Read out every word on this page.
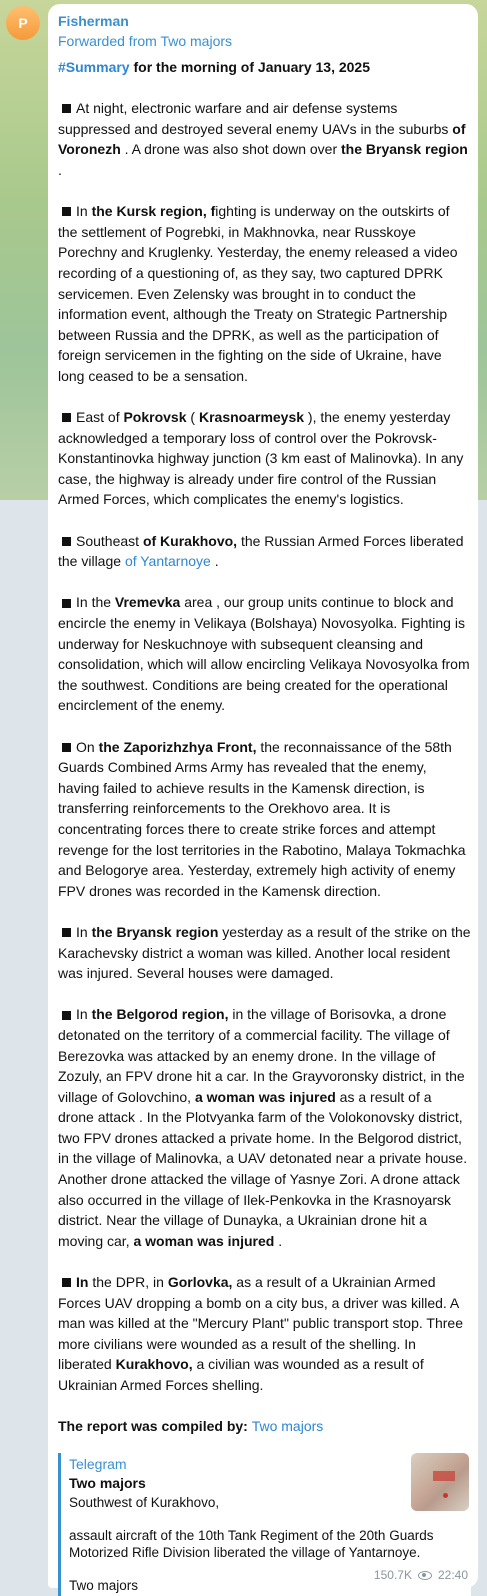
P Fisherman
Forwarded from Two majors

#Summary for the morning of January 13, 2025

At night, electronic warfare and air defense systems suppressed and destroyed several enemy UAVs in the suburbs of Voronezh . A drone was also shot down over the Bryansk region .

In the Kursk region, fighting is underway on the outskirts of the settlement of Pogrebki, in Makhnovka, near Russkoye Porechny and Kruglenky. Yesterday, the enemy released a video recording of a questioning of, as they say, two captured DPRK servicemen. Even Zelensky was brought in to conduct the information event, although the Treaty on Strategic Partnership between Russia and the DPRK, as well as the participation of foreign servicemen in the fighting on the side of Ukraine, have long ceased to be a sensation.

East of Pokrovsk ( Krasnoarmeysk ), the enemy yesterday acknowledged a temporary loss of control over the Pokrovsk-Konstantinovka highway junction (3 km east of Malinovka). In any case, the highway is already under fire control of the Russian Armed Forces, which complicates the enemy's logistics.

Southeast of Kurakhovo, the Russian Armed Forces liberated the village of Yantarnoye .

In the Vremevka area , our group units continue to block and encircle the enemy in Velikaya (Bolshaya) Novosyolka. Fighting is underway for Neskuchnoye with subsequent cleansing and consolidation, which will allow encircling Velikaya Novosyolka from the southwest. Conditions are being created for the operational encirclement of the enemy.

On the Zaporizhzhya Front, the reconnaissance of the 58th Guards Combined Arms Army has revealed that the enemy, having failed to achieve results in the Kamensk direction, is transferring reinforcements to the Orekhovo area. It is concentrating forces there to create strike forces and attempt revenge for the lost territories in the Rabotino, Malaya Tokmachka and Belogorye area. Yesterday, extremely high activity of enemy FPV drones was recorded in the Kamensk direction.

In the Bryansk region yesterday as a result of the strike on the Karachevsky district a woman was killed. Another local resident was injured. Several houses were damaged.

In the Belgorod region, in the village of Borisovka, a drone detonated on the territory of a commercial facility. The village of Berezovka was attacked by an enemy drone. In the village of Zozuly, an FPV drone hit a car. In the Grayvoronsky district, in the village of Golovchino, a woman was injured as a result of a drone attack . In the Plotvyanka farm of the Volokonovsky district, two FPV drones attacked a private home. In the Belgorod district, in the village of Malinovka, a UAV detonated near a private house. Another drone attacked the village of Yasnye Zori. A drone attack also occurred in the village of Ilek-Penkovka in the Krasnoyarsk district. Near the village of Dunayka, a Ukrainian drone hit a moving car, a woman was injured .

In the DPR, in Gorlovka, as a result of a Ukrainian Armed Forces UAV dropping a bomb on a city bus, a driver was killed. A man was killed at the "Mercury Plant" public transport stop. Three more civilians were wounded as a result of the shelling. In liberated Kurakhovo, a civilian was wounded as a result of Ukrainian Armed Forces shelling.

The report was compiled by: Two majors

Telegram
Two majors
Southwest of Kurakhovo,
assault aircraft of the 10th Tank Regiment of the 20th Guards Motorized Rifle Division liberated the village of Yantarnoye.
Two majors
150.7K 22:40
